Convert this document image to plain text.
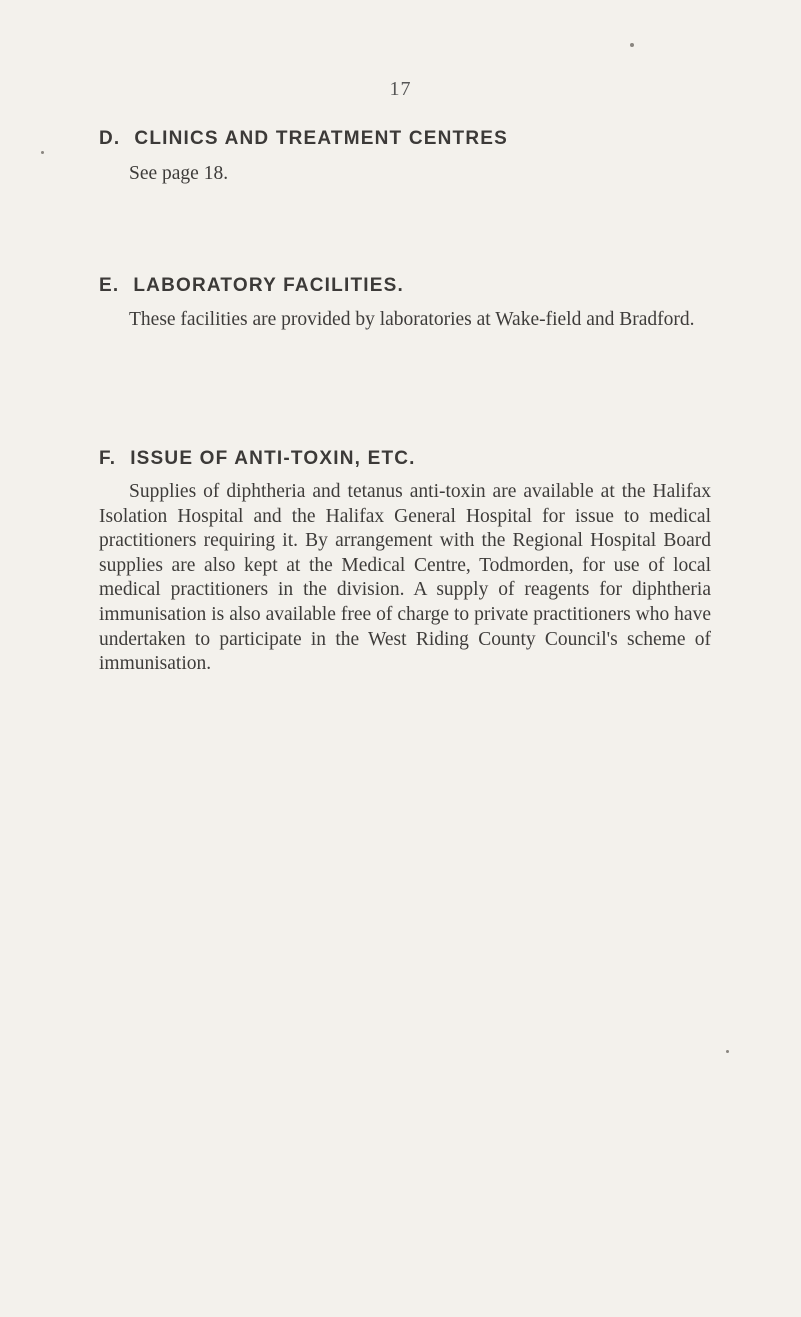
17
D. CLINICS AND TREATMENT CENTRES

See page 18.

E. LABORATORY FACILITIES.

These facilities are provided by laboratories at Wake-field and Bradford.

F. ISSUE OF ANTI-TOXIN, ETC.

Supplies of diphtheria and tetanus anti-toxin are available at the Halifax Isolation Hospital and the Halifax General Hospital for issue to medical practitioners requiring it. By arrangement with the Regional Hospital Board supplies are also kept at the Medical Centre, Todmorden, for use of local medical practitioners in the division. A supply of reagents for diphtheria immunisation is also available free of charge to private practitioners who have undertaken to participate in the West Riding County Council's scheme of immunisation.
